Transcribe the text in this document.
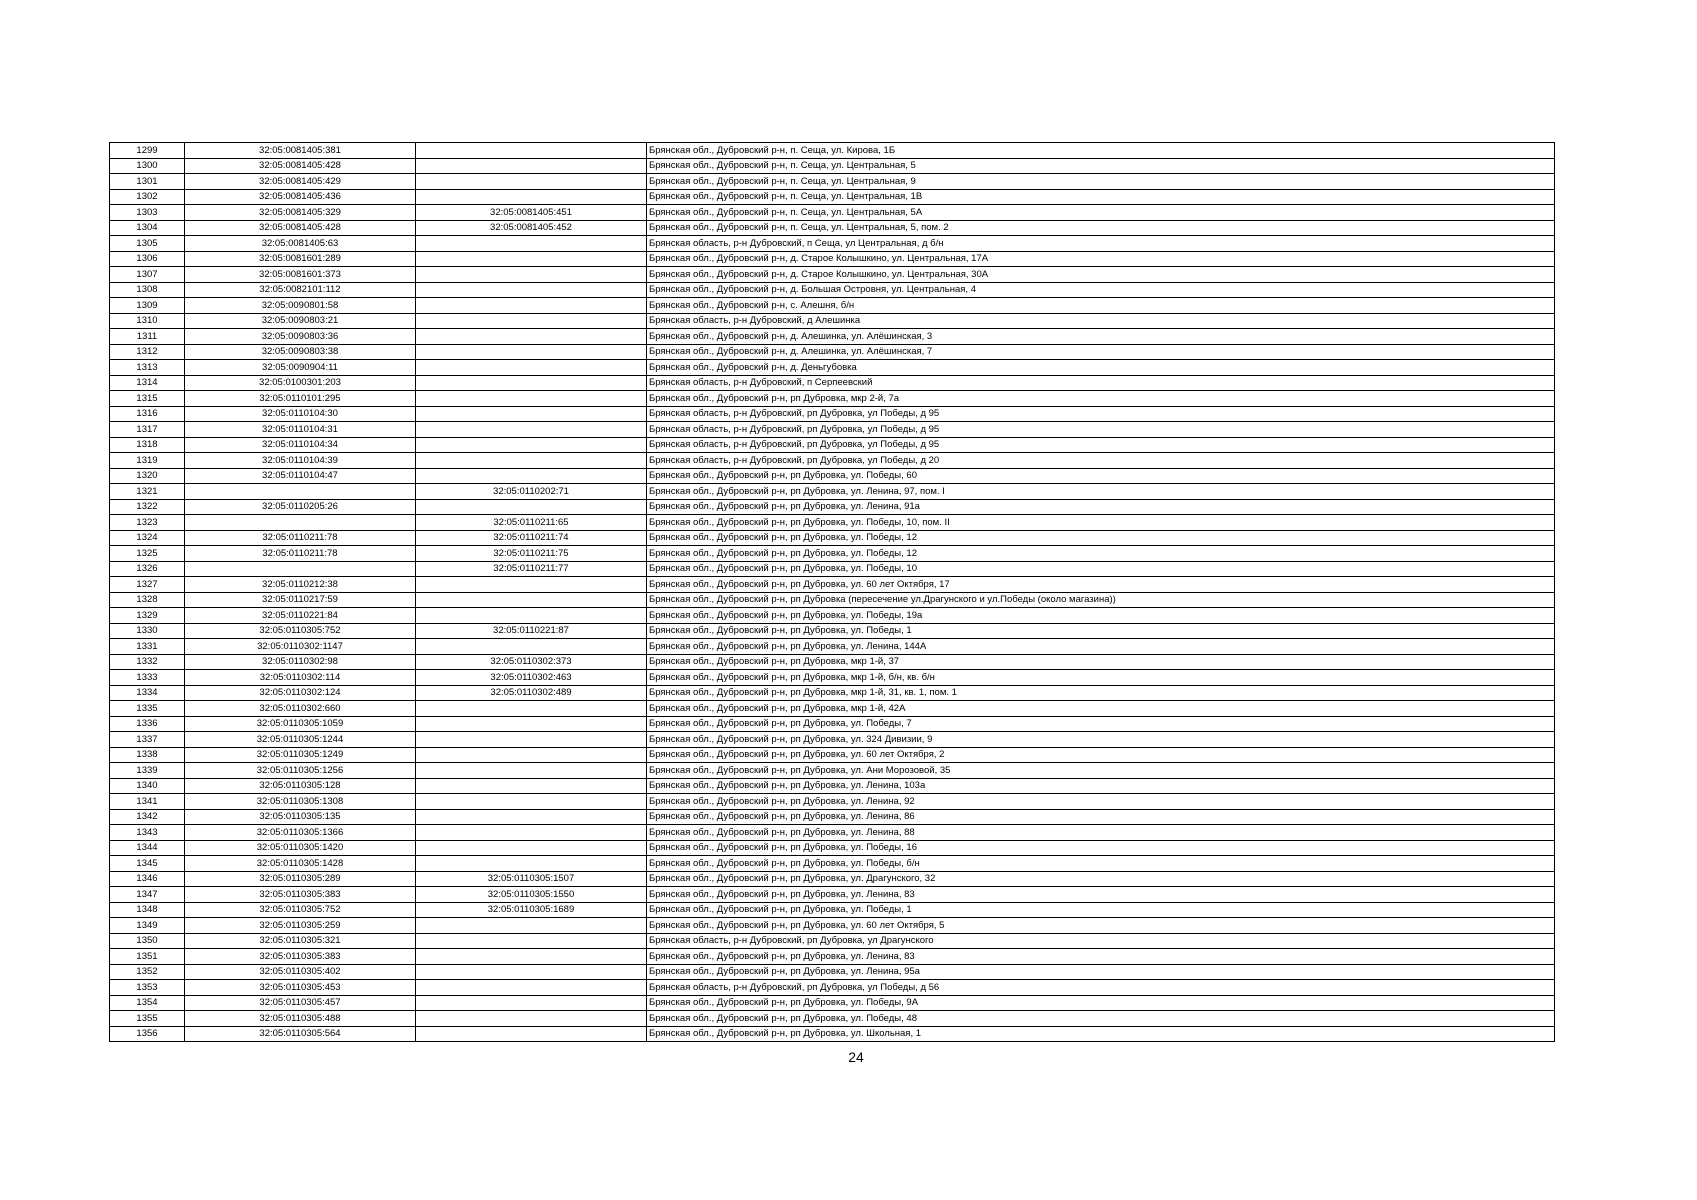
1299	32:05:0081405:381		Брянская обл., Дубровский р-н, п. Сеща, ул. Кирова, 1Б
1300	32:05:0081405:428		Брянская обл., Дубровский р-н, п. Сеща, ул. Центральная, 5
1301	32:05:0081405:429		Брянская обл., Дубровский р-н, п. Сеща, ул. Центральная, 9
1302	32:05:0081405:436		Брянская обл., Дубровский р-н, п. Сеща, ул. Центральная, 1В
1303	32:05:0081405:329	32:05:0081405:451	Брянская обл., Дубровский р-н, п. Сеща, ул. Центральная, 5А
1304	32:05:0081405:428	32:05:0081405:452	Брянская обл., Дубровский р-н, п. Сеща, ул. Центральная, 5, пом. 2
1305	32:05:0081405:63		Брянская область, р-н Дубровский, п Сеща, ул Центральная, д б/н
1306	32:05:0081601:289		Брянская обл., Дубровский р-н, д. Старое Колышкино, ул. Центральная, 17А
1307	32:05:0081601:373		Брянская обл., Дубровский р-н, д. Старое Колышкино, ул. Центральная, 30А
1308	32:05:0082101:112		Брянская обл., Дубровский р-н, д. Большая Островня, ул. Центральная, 4
1309	32:05:0090801:58		Брянская обл., Дубровский р-н, с. Алешня, б/н
1310	32:05:0090803:21		Брянская область, р-н Дубровский, д Алешинка
1311	32:05:0090803:36		Брянская обл., Дубровский р-н, д. Алешинка, ул. Алёшинская, 3
1312	32:05:0090803:38		Брянская обл., Дубровский р-н, д. Алешинка, ул. Алёшинская, 7
1313	32:05:0090904:11		Брянская обл., Дубровский р-н, д. Деньгубовка
1314	32:05:0100301:203		Брянская область, р-н Дубровский, п Серпеевский
1315	32:05:0110101:295		Брянская обл., Дубровский р-н, рп Дубровка, мкр 2-й, 7а
1316	32:05:0110104:30		Брянская область, р-н Дубровский, рп Дубровка, ул Победы, д 95
1317	32:05:0110104:31		Брянская область, р-н Дубровский, рп Дубровка, ул Победы, д 95
1318	32:05:0110104:34		Брянская область, р-н Дубровский, рп Дубровка, ул Победы, д 95
1319	32:05:0110104:39		Брянская область, р-н Дубровский, рп Дубровка, ул Победы, д 20
1320	32:05:0110104:47		Брянская обл., Дубровский р-н, рп Дубровка, ул. Победы, 60
1321		32:05:0110202:71	Брянская обл., Дубровский р-н, рп Дубровка, ул. Ленина, 97, пом. I
1322	32:05:0110205:26		Брянская обл., Дубровский р-н, рп Дубровка, ул. Ленина, 91а
1323		32:05:0110211:65	Брянская обл., Дубровский р-н, рп Дубровка, ул. Победы, 10, пом. II
1324	32:05:0110211:78	32:05:0110211:74	Брянская обл., Дубровский р-н, рп Дубровка, ул. Победы, 12
1325	32:05:0110211:78	32:05:0110211:75	Брянская обл., Дубровский р-н, рп Дубровка, ул. Победы, 12
1326		32:05:0110211:77	Брянская обл., Дубровский р-н, рп Дубровка, ул. Победы, 10
1327	32:05:0110212:38		Брянская обл., Дубровский р-н, рп Дубровка, ул. 60 лет Октября, 17
1328	32:05:0110217:59		Брянская обл., Дубровский р-н, рп Дубровка (пересечение ул.Драгунского и ул.Победы (около магазина))
1329	32:05:0110221:84		Брянская обл., Дубровский р-н, рп Дубровка, ул. Победы, 19а
1330	32:05:0110305:752	32:05:0110221:87	Брянская обл., Дубровский р-н, рп Дубровка, ул. Победы, 1
1331	32:05:0110302:1147		Брянская обл., Дубровский р-н, рп Дубровка, ул. Ленина, 144А
1332	32:05:0110302:98	32:05:0110302:373	Брянская обл., Дубровский р-н, рп Дубровка, мкр 1-й, 37
1333	32:05:0110302:114	32:05:0110302:463	Брянская обл., Дубровский р-н, рп Дубровка, мкр 1-й, б/н, кв. б/н
1334	32:05:0110302:124	32:05:0110302:489	Брянская обл., Дубровский р-н, рп Дубровка, мкр 1-й, 31, кв. 1, пом. 1
1335	32:05:0110302:660		Брянская обл., Дубровский р-н, рп Дубровка, мкр 1-й, 42А
1336	32:05:0110305:1059		Брянская обл., Дубровский р-н, рп Дубровка, ул. Победы, 7
1337	32:05:0110305:1244		Брянская обл., Дубровский р-н, рп Дубровка, ул. 324 Дивизии, 9
1338	32:05:0110305:1249		Брянская обл., Дубровский р-н, рп Дубровка, ул. 60 лет Октября, 2
1339	32:05:0110305:1256		Брянская обл., Дубровский р-н, рп Дубровка, ул. Ани Морозовой, 35
1340	32:05:0110305:128		Брянская обл., Дубровский р-н, рп Дубровка, ул. Ленина, 103а
1341	32:05:0110305:1308		Брянская обл., Дубровский р-н, рп Дубровка, ул. Ленина, 92
1342	32:05:0110305:135		Брянская обл., Дубровский р-н, рп Дубровка, ул. Ленина, 86
1343	32:05:0110305:1366		Брянская обл., Дубровский р-н, рп Дубровка, ул. Ленина, 88
1344	32:05:0110305:1420		Брянская обл., Дубровский р-н, рп Дубровка, ул. Победы, 16
1345	32:05:0110305:1428		Брянская обл., Дубровский р-н, рп Дубровка, ул. Победы, б/н
1346	32:05:0110305:289	32:05:0110305:1507	Брянская обл., Дубровский р-н, рп Дубровка, ул. Драгунского, 32
1347	32:05:0110305:383	32:05:0110305:1550	Брянская обл., Дубровский р-н, рп Дубровка, ул. Ленина, 83
1348	32:05:0110305:752	32:05:0110305:1689	Брянская обл., Дубровский р-н, рп Дубровка, ул. Победы, 1
1349	32:05:0110305:259		Брянская обл., Дубровский р-н, рп Дубровка, ул. 60 лет Октября, 5
1350	32:05:0110305:321		Брянская область, р-н Дубровский, рп Дубровка, ул Драгунского
1351	32:05:0110305:383		Брянская обл., Дубровский р-н, рп Дубровка, ул. Ленина, 83
1352	32:05:0110305:402		Брянская обл., Дубровский р-н, рп Дубровка, ул. Ленина, 95а
1353	32:05:0110305:453		Брянская область, р-н Дубровский, рп Дубровка, ул Победы, д 56
1354	32:05:0110305:457		Брянская обл., Дубровский р-н, рп Дубровка, ул. Победы, 9А
1355	32:05:0110305:488		Брянская обл., Дубровский р-н, рп Дубровка, ул. Победы, 48
1356	32:05:0110305:564		Брянская обл., Дубровский р-н, рп Дубровка, ул. Школьная, 1
24
